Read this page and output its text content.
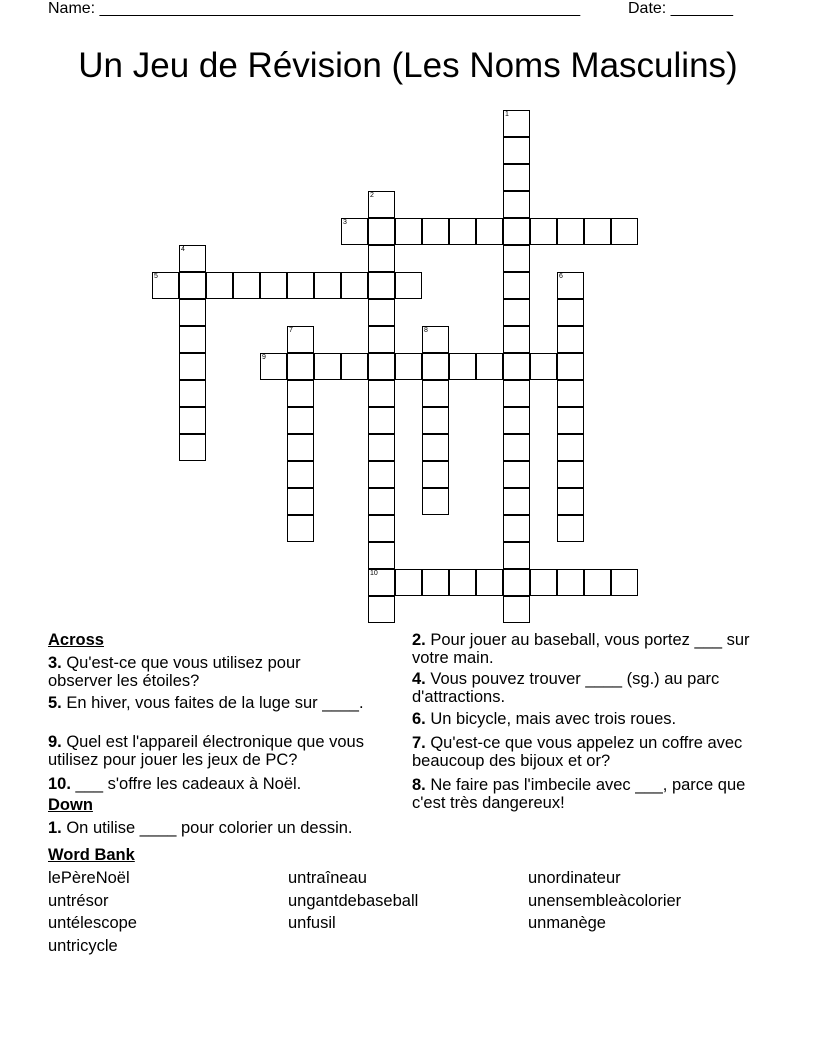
Name: ______________________________________________________	Date: _______
Un Jeu de Révision (Les Noms Masculins)
1
2
10
3
4
5	6
7	8
9
Across
3. Qu'est-ce que vous utilisez pour observer les étoiles?
5. En hiver, vous faites de la luge sur ____.
9. Quel est l'appareil électronique que vous utilisez pour jouer les jeux de PC?
10. ___ s'offre les cadeaux à Noël.
Down
1. On utilise ____ pour colorier un dessin.
2. Pour jouer au baseball, vous portez ___ sur votre main.
4. Vous pouvez trouver ____ (sg.) au parc d'attractions.
6. Un bicycle, mais avec trois roues.
7. Qu'est-ce que vous appelez un coffre avec beaucoup des bijoux et or?
8. Ne faire pas l'imbecile avec ___, parce que c'est très dangereux!
Word Bank
lePèreNoël	untraîneau	unordinateur
untrésor	ungantdebaseball	unensembleàcolorier
untélescope	unfusil	unmanège
untricycle
